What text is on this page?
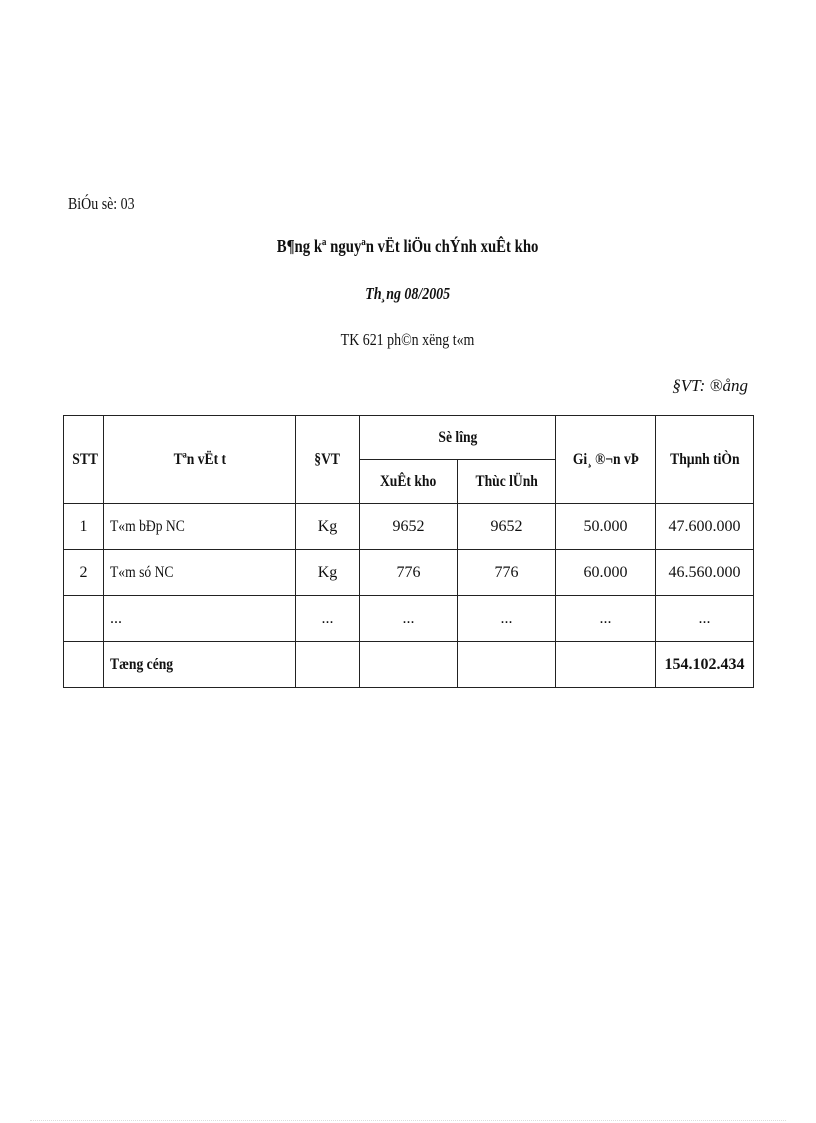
BiÓu sè: 03
B¶ng kª nguyªn vËt liÖu chÝnh xuÊt kho
Th¸ng 08/2005
TK 621 ph©n xëng t«m
§VT: ®ång
STT	Tªn vËt t	§VT	Sè lîng		Gi¸ ®¬n vÞ	Thµnh tiÒn
			XuÊt kho	Thùc lÜnh		
1	T«m bÐp NC	Kg	9652	9652	50.000	47.600.000
2	T«m só NC	Kg	776	776	60.000	46.560.000
	...	...	...	...	...	...
	Tæng céng					154.102.434
